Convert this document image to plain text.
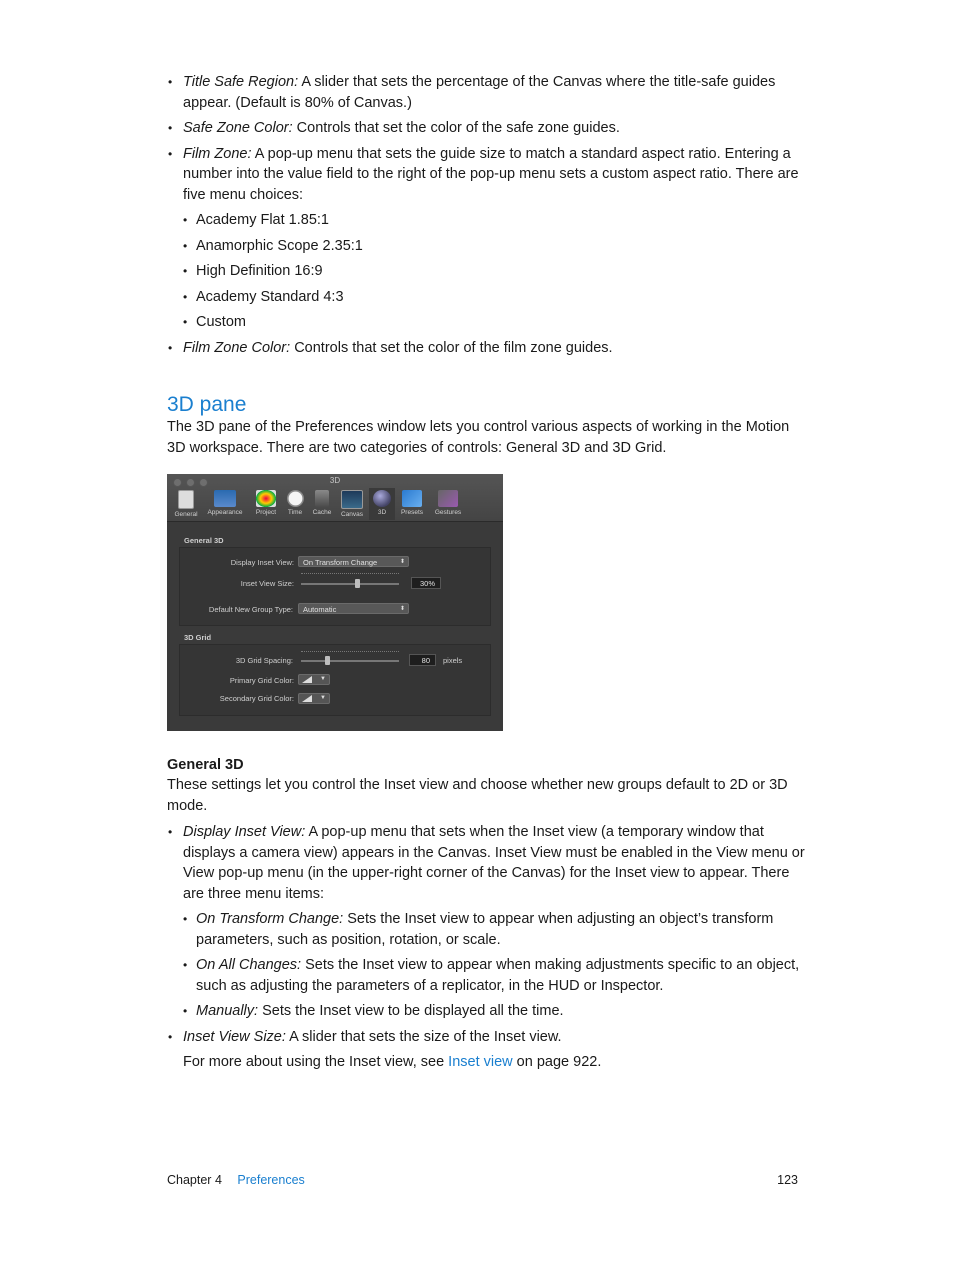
• Title Safe Region: A slider that sets the percentage of the Canvas where the title-safe guides appear. (Default is 80% of Canvas.)
• Safe Zone Color: Controls that set the color of the safe zone guides.
• Film Zone: A pop-up menu that sets the guide size to match a standard aspect ratio. Entering a number into the value field to the right of the pop-up menu sets a custom aspect ratio. There are five menu choices:
• Academy Flat 1.85:1
• Anamorphic Scope 2.35:1
• High Definition 16:9
• Academy Standard 4:3
• Custom
• Film Zone Color: Controls that set the color of the film zone guides.
3D pane
The 3D pane of the Preferences window lets you control various aspects of working in the Motion 3D workspace. There are two categories of controls: General 3D and 3D Grid.
3D
General	Appearance	Project	Time	Cache	Canvas	3D	Presets	Gestures
General 3D
Display Inset View:	On Transform Change	⬍
Inset View Size:	30%
Default New Group Type:	Automatic	⬍
3D Grid
3D Grid Spacing:	80	pixels
Primary Grid Color:	▼
Secondary Grid Color:	▼
General 3D
These settings let you control the Inset view and choose whether new groups default to 2D or 3D mode.
• Display Inset View: A pop-up menu that sets when the Inset view (a temporary window that displays a camera view) appears in the Canvas. Inset View must be enabled in the View menu or View pop-up menu (in the upper-right corner of the Canvas) for the Inset view to appear. There are three menu items:
• On Transform Change: Sets the Inset view to appear when adjusting an object’s transform parameters, such as position, rotation, or scale.
• On All Changes: Sets the Inset view to appear when making adjustments specific to an object, such as adjusting the parameters of a replicator, in the HUD or Inspector.
• Manually: Sets the Inset view to be displayed all the time.
• Inset View Size: A slider that sets the size of the Inset view.
For more about using the Inset view, see Inset view on page 922.
Chapter 4 Preferences	123
